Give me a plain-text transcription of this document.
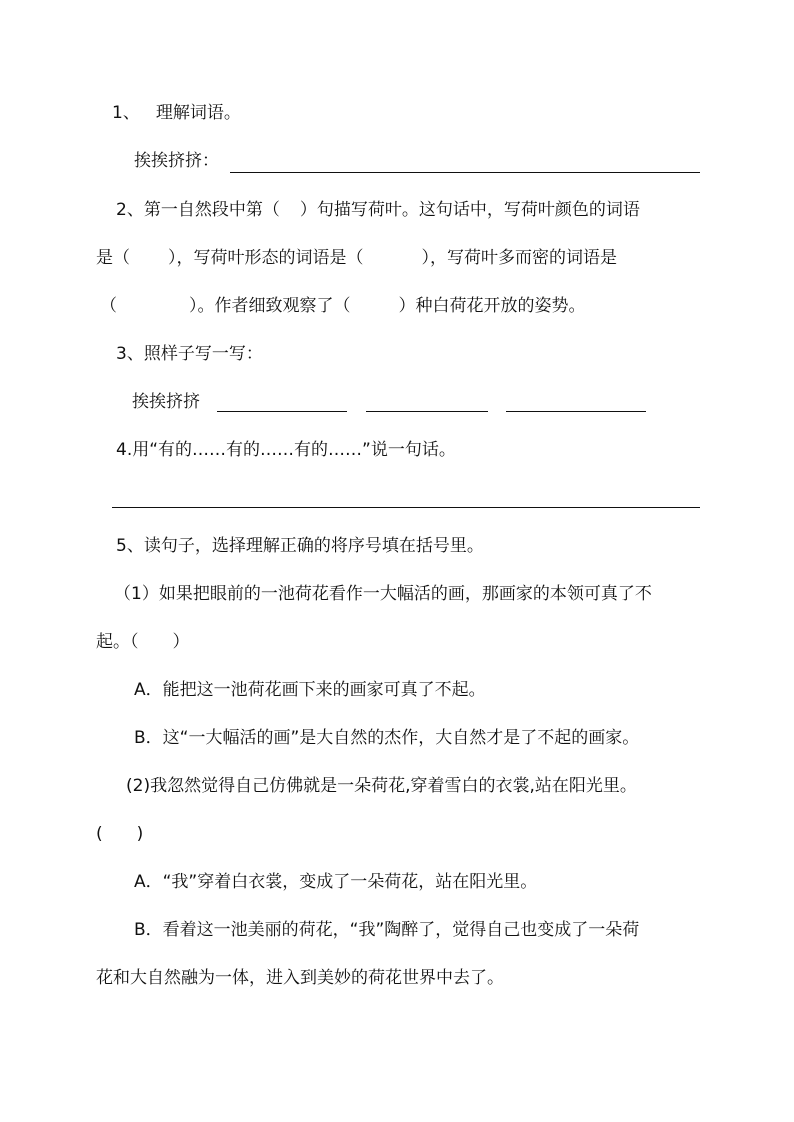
1、 理解词语。
挨挨挤挤：
2、第一自然段中第（ ）句描写荷叶。这句话中，写荷叶颜色的词语
是（ ），写荷叶形态的词语是（	），写荷叶多而密的词语是
（	）。作者细致观察了（	）种白荷花开放的姿势。
3、照样子写一写：
挨挨挤挤
4.用“有的……有的……有的……”说一句话。
5、读句子，选择理解正确的将序号填在括号里。
（1）如果把眼前的一池荷花看作一大幅活的画，那画家的本领可真了不
起。（　　）
A．能把这一池荷花画下来的画家可真了不起。
B．这“一大幅活的画”是大自然的杰作，大自然才是了不起的画家。
(2)我忽然觉得自己仿佛就是一朵荷花,穿着雪白的衣裳,站在阳光里。
(　　)
A．“我”穿着白衣裳，变成了一朵荷花，站在阳光里。
B．看着这一池美丽的荷花，“我”陶醉了，觉得自己也变成了一朵荷
花和大自然融为一体，进入到美妙的荷花世界中去了。
